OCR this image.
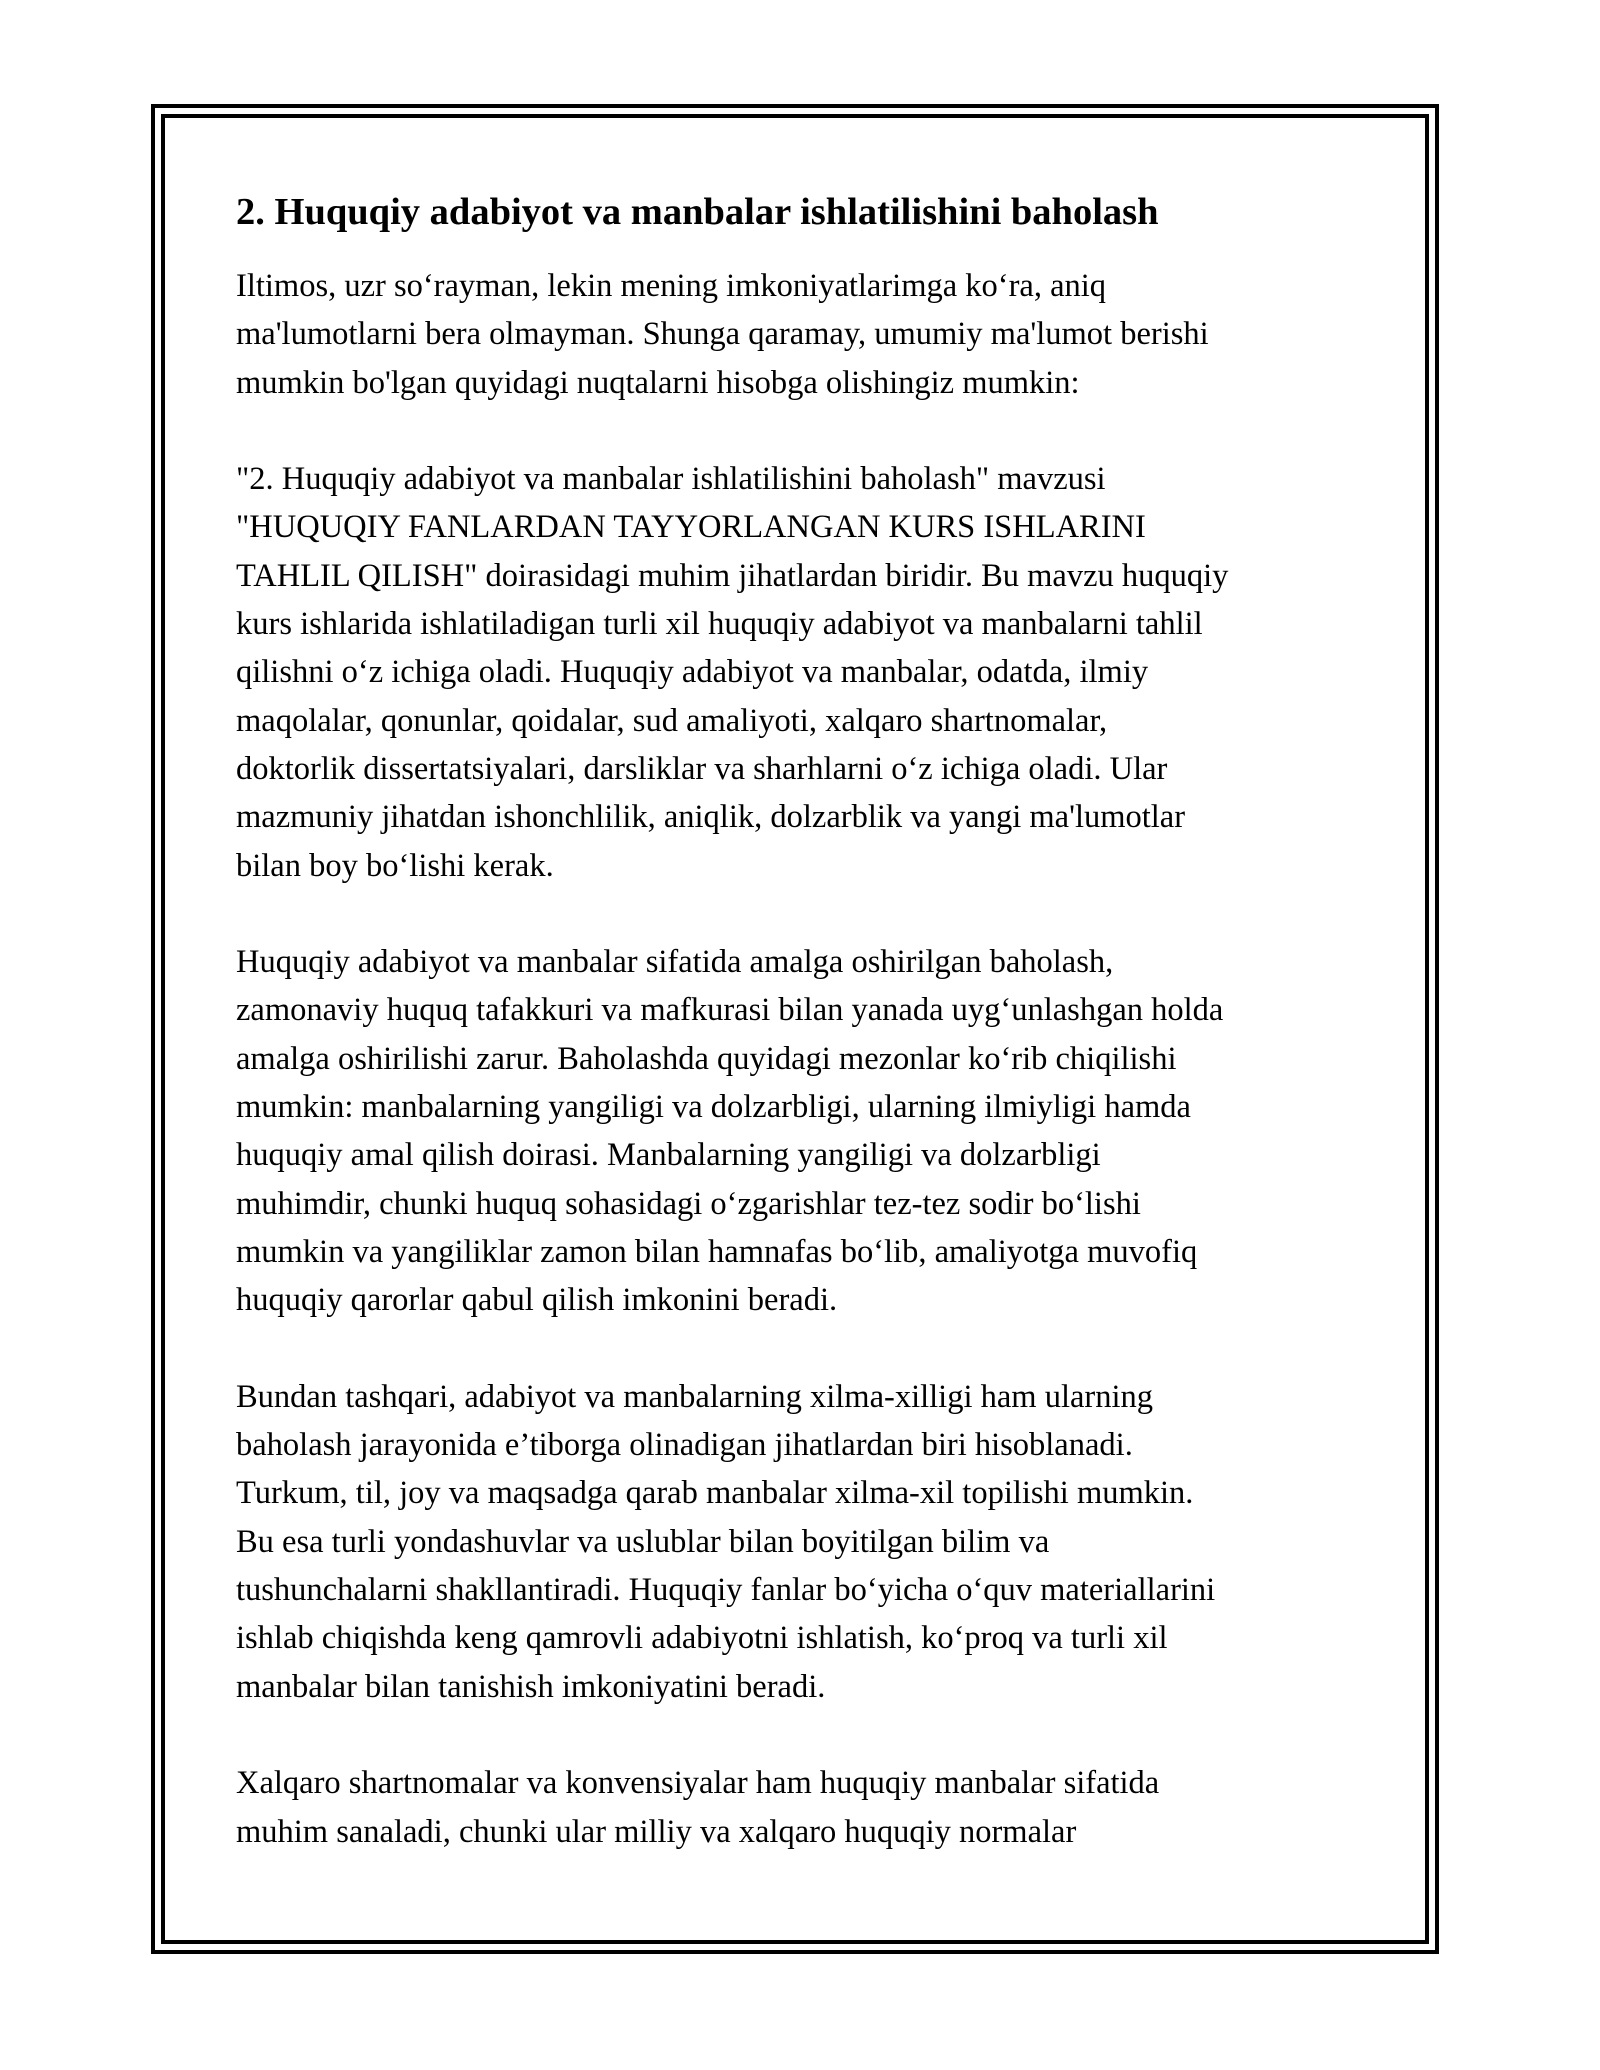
2. Huquqiy adabiyot va manbalar ishlatilishini baholash
Iltimos, uzr so‘rayman, lekin mening imkoniyatlarimga ko‘ra, aniq
ma'lumotlarni bera olmayman. Shunga qaramay, umumiy ma'lumot berishi
mumkin bo'lgan quyidagi nuqtalarni hisobga olishingiz mumkin:
"2. Huquqiy adabiyot va manbalar ishlatilishini baholash" mavzusi
"HUQUQIY FANLARDAN TAYYORLANGAN KURS ISHLARINI
TAHLIL QILISH" doirasidagi muhim jihatlardan biridir. Bu mavzu huquqiy
kurs ishlarida ishlatiladigan turli xil huquqiy adabiyot va manbalarni tahlil
qilishni o‘z ichiga oladi. Huquqiy adabiyot va manbalar, odatda, ilmiy
maqolalar, qonunlar, qoidalar, sud amaliyoti, xalqaro shartnomalar,
doktorlik dissertatsiyalari, darsliklar va sharhlarni o‘z ichiga oladi. Ular
mazmuniy jihatdan ishonchlilik, aniqlik, dolzarblik va yangi ma'lumotlar
bilan boy bo‘lishi kerak.
Huquqiy adabiyot va manbalar sifatida amalga oshirilgan baholash,
zamonaviy huquq tafakkuri va mafkurasi bilan yanada uyg‘unlashgan holda
amalga oshirilishi zarur. Baholashda quyidagi mezonlar ko‘rib chiqilishi
mumkin: manbalarning yangiligi va dolzarbligi, ularning ilmiyligi hamda
huquqiy amal qilish doirasi. Manbalarning yangiligi va dolzarbligi
muhimdir, chunki huquq sohasidagi o‘zgarishlar tez-tez sodir bo‘lishi
mumkin va yangiliklar zamon bilan hamnafas bo‘lib, amaliyotga muvofiq
huquqiy qarorlar qabul qilish imkonini beradi.
Bundan tashqari, adabiyot va manbalarning xilma-xilligi ham ularning
baholash jarayonida e’tiborga olinadigan jihatlardan biri hisoblanadi.
Turkum, til, joy va maqsadga qarab manbalar xilma-xil topilishi mumkin.
Bu esa turli yondashuvlar va uslublar bilan boyitilgan bilim va
tushunchalarni shakllantiradi. Huquqiy fanlar bo‘yicha o‘quv materiallarini
ishlab chiqishda keng qamrovli adabiyotni ishlatish, ko‘proq va turli xil
manbalar bilan tanishish imkoniyatini beradi.
Xalqaro shartnomalar va konvensiyalar ham huquqiy manbalar sifatida
muhim sanaladi, chunki ular milliy va xalqaro huquqiy normalar
